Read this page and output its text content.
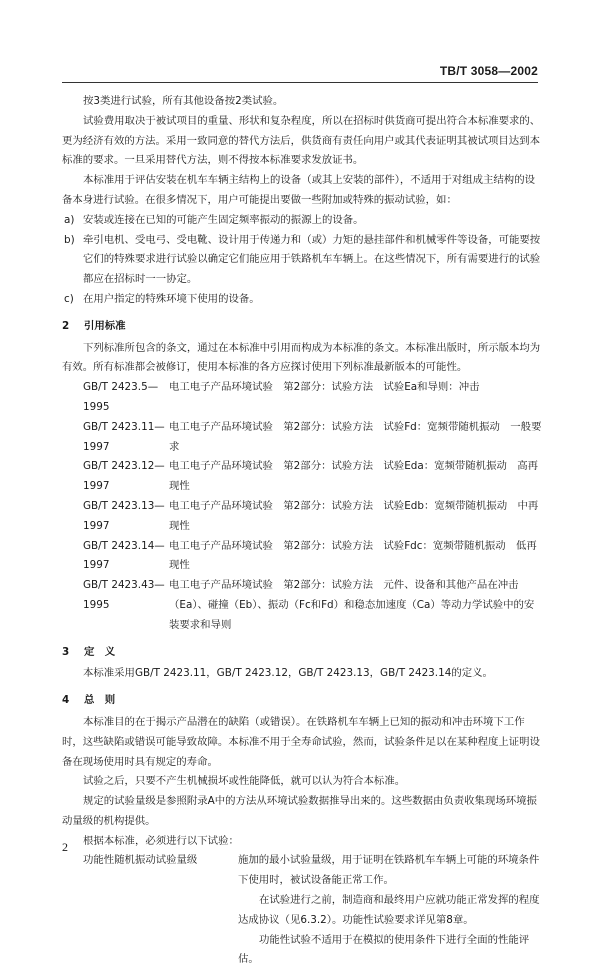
TB/T 3058—2002

按3类进行试验，所有其他设备按2类试验。

试验费用取决于被试项目的重量、形状和复杂程度，所以在招标时供货商可提出符合本标准要求的、更为经济有效的方法。采用一致同意的替代方法后，供货商有责任向用户或其代表证明其被试项目达到本标准的要求。一旦采用替代方法，则不得按本标准要求发放证书。

本标准用于评估安装在机车车辆主结构上的设备（或其上安装的部件），不适用于对组成主结构的设备本身进行试验。在很多情况下，用户可能提出要做一些附加或特殊的振动试验，如：

a) 安装或连接在已知的可能产生固定频率振动的振源上的设备。
b) 牵引电机、受电弓、受电靴、设计用于传递力和（或）力矩的悬挂部件和机械零件等设备，可能要按它们的特殊要求进行试验以确定它们能应用于铁路机车车辆上。在这些情况下，所有需要进行的试验都应在招标时一一协定。
c) 在用户指定的特殊环境下使用的设备。

2 引用标准

下列标准所包含的条文，通过在本标准中引用而构成为本标准的条文。本标准出版时，所示版本均为有效。所有标准都会被修订，使用本标准的各方应探讨使用下列标准最新版本的可能性。

GB/T 2423.5—1995
电工电子产品环境试验　第2部分：试验方法　试验Ea和导则：冲击
GB/T 2423.11—1997
电工电子产品环境试验　第2部分：试验方法　试验Fd：宽频带随机振动　一般要求
GB/T 2423.12—1997
电工电子产品环境试验　第2部分：试验方法　试验Eda：宽频带随机振动　高再现性
GB/T 2423.13—1997
电工电子产品环境试验　第2部分：试验方法　试验Edb：宽频带随机振动　中再现性
GB/T 2423.14—1997
电工电子产品环境试验　第2部分：试验方法　试验Fdc：宽频带随机振动　低再现性
GB/T 2423.43—1995
电工电子产品环境试验　第2部分：试验方法　元件、设备和其他产品在冲击（Ea）、碰撞（Eb）、振动（Fc和Fd）和稳态加速度（Ca）等动力学试验中的安装要求和导则

3 定　义

本标准采用GB/T 2423.11，GB/T 2423.12，GB/T 2423.13，GB/T 2423.14的定义。

4 总　则

本标准目的在于揭示产品潜在的缺陷（或错误）。在铁路机车车辆上已知的振动和冲击环境下工作时，这些缺陷或错误可能导致故障。本标准不用于全寿命试验，然而，试验条件足以在某种程度上证明设备在现场使用时具有规定的寿命。

试验之后，只要不产生机械损坏或性能降低，就可以认为符合本标准。

规定的试验量级是参照附录A中的方法从环境试验数据推导出来的。这些数据由负责收集现场环境振动量级的机构提供。

根据本标准，必须进行以下试验：

功能性随机振动试验量级	施加的最小试验量级，用于证明在铁路机车车辆上可能的环境条件下使用时，被试设备能正常工作。

在试验进行之前，制造商和最终用户应就功能正常发挥的程度达成协议（见6.3.2）。功能性试验要求详见第8章。

功能性试验不适用于在模拟的使用条件下进行全面的性能评估。

2
